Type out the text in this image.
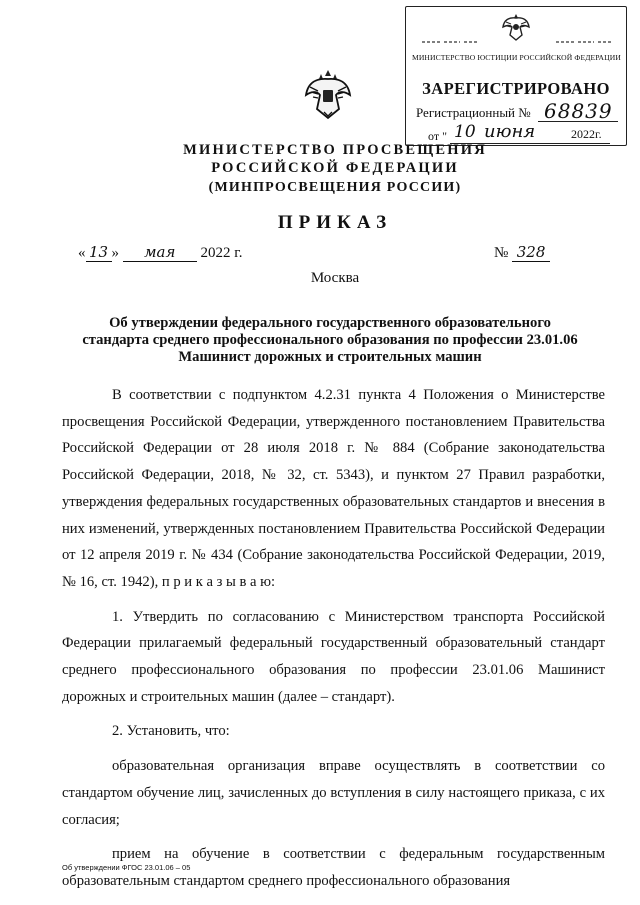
МИНИСТЕРСТВО ЮСТИЦИИ РОССИЙСКОЙ ФЕДЕРАЦИИ
ЗАРЕГИСТРИРОВАНО
Регистрационный № 68839
от " 10 июня	2022г.
МИНИСТЕРСТВО ПРОСВЕЩЕНИЯ
РОССИЙСКОЙ ФЕДЕРАЦИИ
(МИНПРОСВЕЩЕНИЯ РОССИИ)
ПРИКАЗ
« 13 » мая 2022 г.	№ 328
Москва
Об утверждении федерального государственного образовательного стандарта среднего профессионального образования по профессии 23.01.06 Машинист дорожных и строительных машин

В соответствии с подпунктом 4.2.31 пункта 4 Положения о Министерстве просвещения Российской Федерации, утвержденного постановлением Правительства Российской Федерации от 28 июля 2018 г. № 884 (Собрание законодательства Российской Федерации, 2018, № 32, ст. 5343), и пунктом 27 Правил разработки, утверждения федеральных государственных образовательных стандартов и внесения в них изменений, утвержденных постановлением Правительства Российской Федерации от 12 апреля 2019 г. № 434 (Собрание законодательства Российской Федерации, 2019, № 16, ст. 1942), п р и к а з ы в а ю:

1. Утвердить по согласованию с Министерством транспорта Российской Федерации прилагаемый федеральный государственный образовательный стандарт среднего профессионального образования по профессии 23.01.06 Машинист дорожных и строительных машин (далее – стандарт).

2. Установить, что:

образовательная организация вправе осуществлять в соответствии со стандартом обучение лиц, зачисленных до вступления в силу настоящего приказа, с их согласия;

прием на обучение в соответствии с федеральным государственным образовательным стандартом среднего профессионального образования

Об утверждении ФГОС 23.01.06 – 05
